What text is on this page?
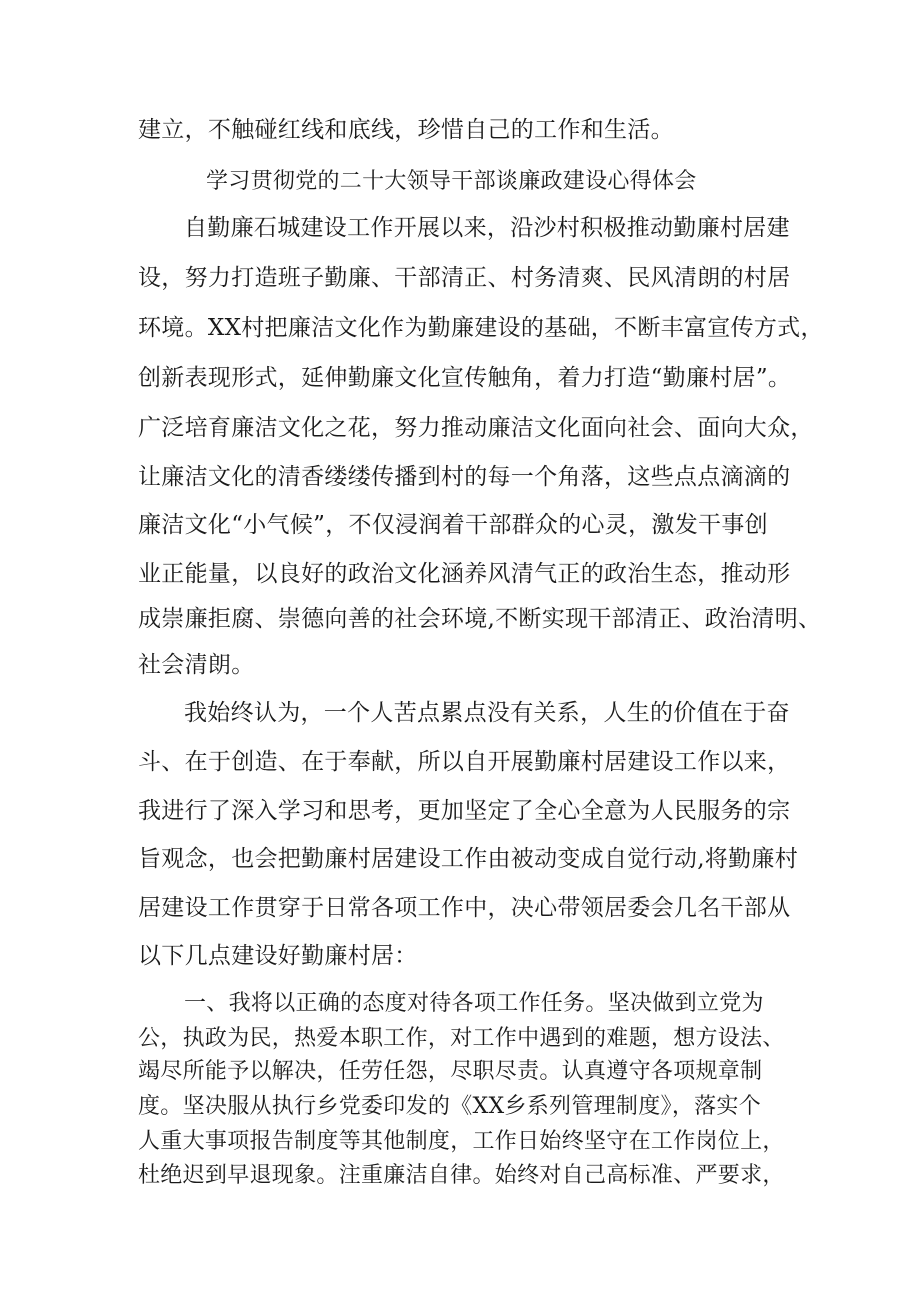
建立，不触碰红线和底线，珍惜自己的工作和生活。
学习贯彻党的二十大领导干部谈廉政建设心得体会
自勤廉石城建设工作开展以来，沿沙村积极推动勤廉村居建
设，努力打造班子勤廉、干部清正、村务清爽、民风清朗的村居
环境。XX村把廉洁文化作为勤廉建设的基础，不断丰富宣传方式，
创新表现形式，延伸勤廉文化宣传触角，着力打造“勤廉村居”。
广泛培育廉洁文化之花，努力推动廉洁文化面向社会、面向大众，
让廉洁文化的清香缕缕传播到村的每一个角落，这些点点滴滴的
廉洁文化“小气候”，不仅浸润着干部群众的心灵，激发干事创
业正能量，以良好的政治文化涵养风清气正的政治生态，推动形
成崇廉拒腐、崇德向善的社会环境,不断实现干部清正、政治清明、
社会清朗。
我始终认为，一个人苦点累点没有关系，人生的价值在于奋
斗、在于创造、在于奉献，所以自开展勤廉村居建设工作以来，
我进行了深入学习和思考，更加坚定了全心全意为人民服务的宗
旨观念，也会把勤廉村居建设工作由被动变成自觉行动,将勤廉村
居建设工作贯穿于日常各项工作中，决心带领居委会几名干部从
以下几点建设好勤廉村居：
一、我将以正确的态度对待各项工作任务。坚决做到立党为
公，执政为民，热爱本职工作，对工作中遇到的难题，想方设法、
竭尽所能予以解决，任劳任怨，尽职尽责。认真遵守各项规章制
度。坚决服从执行乡党委印发的《XX乡系列管理制度》，落实个
人重大事项报告制度等其他制度，工作日始终坚守在工作岗位上，
杜绝迟到早退现象。注重廉洁自律。始终对自己高标准、严要求，
